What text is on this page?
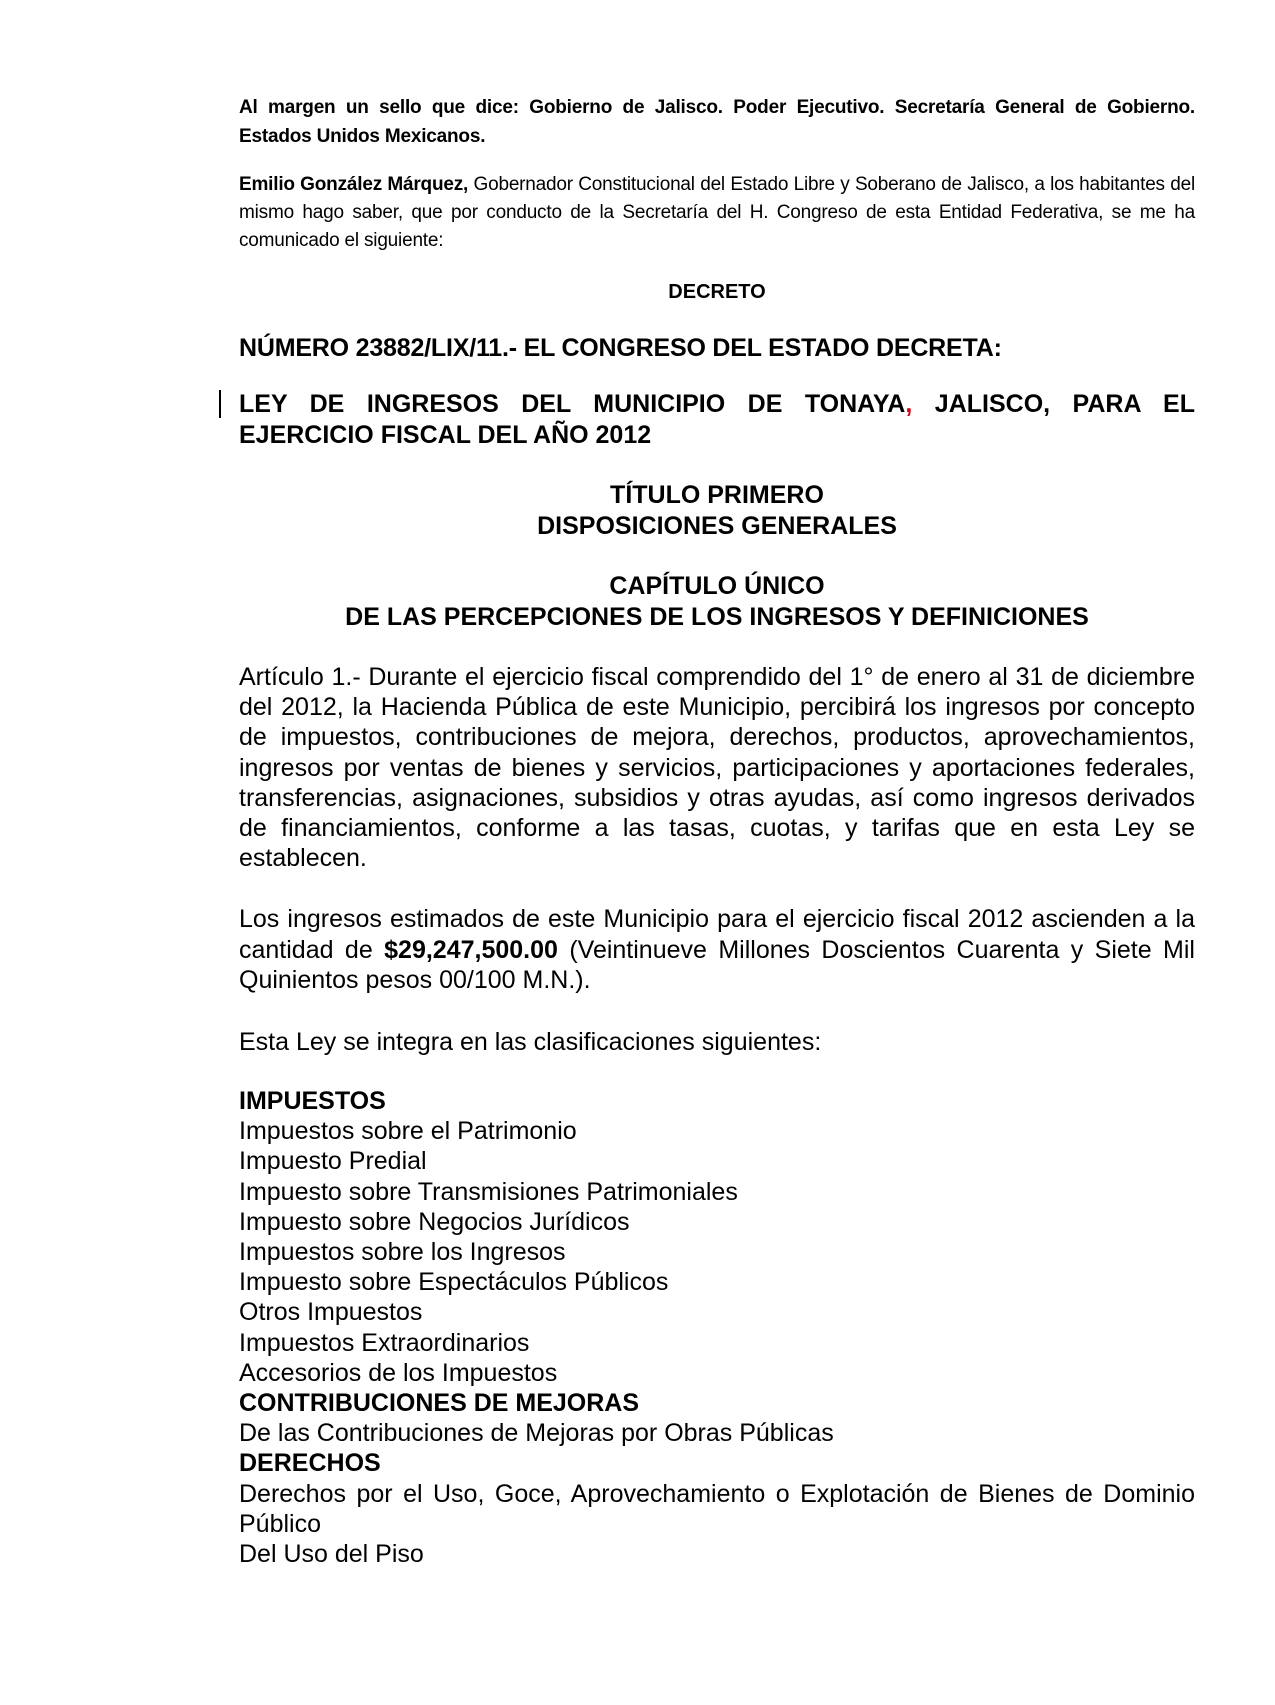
Al margen un sello que dice: Gobierno de Jalisco. Poder Ejecutivo. Secretaría General de Gobierno. Estados Unidos Mexicanos.
Emilio González Márquez, Gobernador Constitucional del Estado Libre y Soberano de Jalisco, a los habitantes del mismo hago saber, que por conducto de la Secretaría del H. Congreso de esta Entidad Federativa, se me ha comunicado el siguiente:
DECRETO
NÚMERO 23882/LIX/11.- EL CONGRESO DEL ESTADO DECRETA:
LEY DE INGRESOS DEL MUNICIPIO DE TONAYA, JALISCO, PARA EL EJERCICIO FISCAL DEL AÑO 2012
TÍTULO PRIMERO
DISPOSICIONES GENERALES
CAPÍTULO ÚNICO
DE LAS PERCEPCIONES DE LOS INGRESOS Y DEFINICIONES
Artículo 1.- Durante el ejercicio fiscal comprendido del 1° de enero al 31 de diciembre del 2012, la Hacienda Pública de este Municipio, percibirá los ingresos por concepto de impuestos, contribuciones de mejora, derechos, productos, aprovechamientos, ingresos por ventas de bienes y servicios, participaciones y aportaciones federales, transferencias, asignaciones, subsidios y otras ayudas, así como ingresos derivados de financiamientos, conforme a las tasas, cuotas, y tarifas que en esta Ley se establecen.
Los ingresos estimados de este Municipio para el ejercicio fiscal 2012 ascienden a la cantidad de $29,247,500.00 (Veintinueve Millones Doscientos Cuarenta y Siete Mil Quinientos pesos 00/100 M.N.).
Esta Ley se integra en las clasificaciones siguientes:
IMPUESTOS
Impuestos sobre el Patrimonio
Impuesto Predial
Impuesto sobre Transmisiones Patrimoniales
Impuesto sobre Negocios Jurídicos
Impuestos sobre los Ingresos
Impuesto sobre Espectáculos Públicos
Otros Impuestos
Impuestos Extraordinarios
Accesorios de los Impuestos
CONTRIBUCIONES DE MEJORAS
De las Contribuciones de Mejoras por Obras Públicas
DERECHOS
Derechos por el Uso, Goce, Aprovechamiento o Explotación de Bienes de Dominio Público
Del Uso del Piso
